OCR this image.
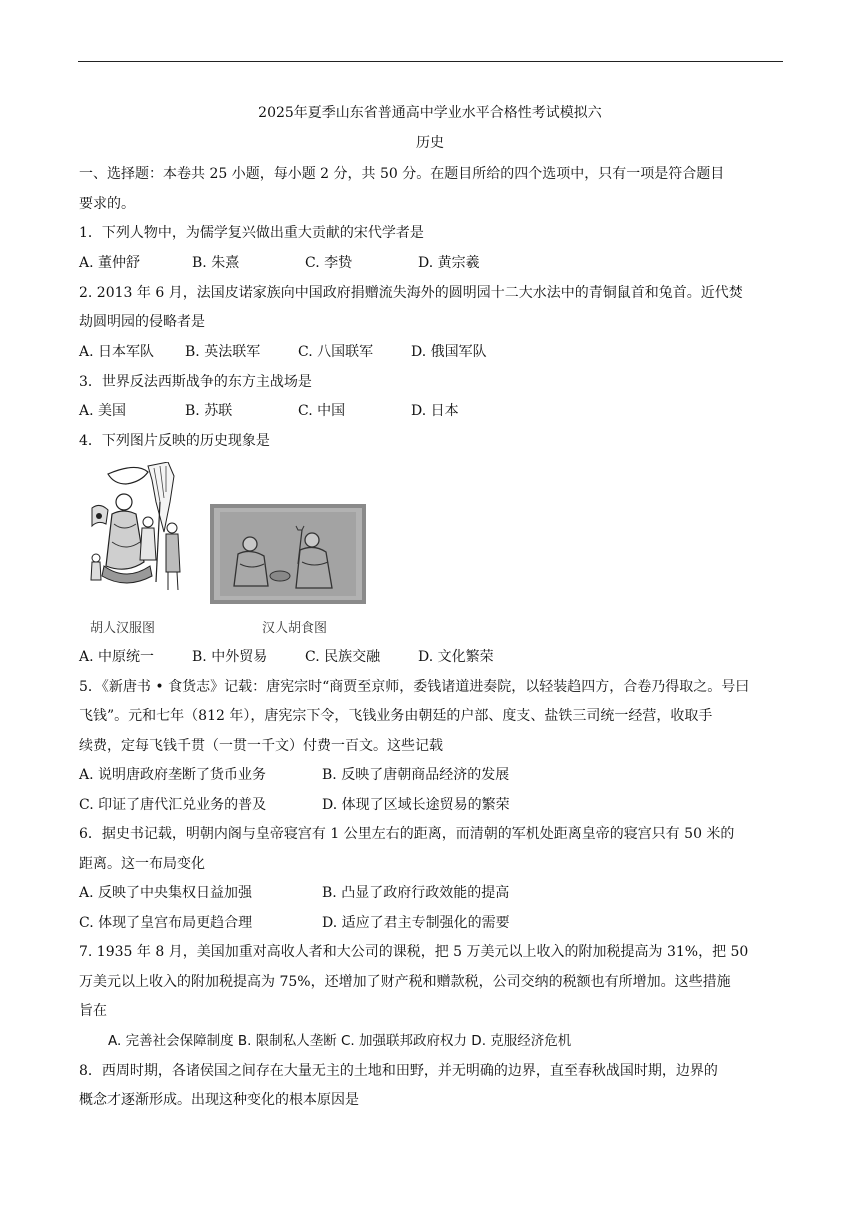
2025年夏季山东省普通高中学业水平合格性考试模拟六
历史
一、选择题：本卷共 25 小题，每小题 2 分，共 50 分。在题目所给的四个选项中，只有一项是符合题目
要求的。
1．下列人物中，为儒学复兴做出重大贡献的宋代学者是
A. 董仲舒	B. 朱熹	C. 李贽	D. 黄宗羲
2. 2013 年 6 月，法国皮诺家族向中国政府捐赠流失海外的圆明园十二大水法中的青铜鼠首和兔首。近代焚
劫圆明园的侵略者是
A. 日本军队 B. 英法联军	C. 八国联军	D. 俄国军队
3．世界反法西斯战争的东方主战场是
A. 美国	B. 苏联	C. 中国	D. 日本
4．下列图片反映的历史现象是
胡人汉服图	汉人胡食图
A. 中原统一	B. 中外贸易	C. 民族交融	D. 文化繁荣
5．《新唐书 • 食货志》记载：唐宪宗时“商贾至京师，委钱诸道进奏院，以轻装趋四方，合卷乃得取之。号曰
飞钱”。元和七年（812 年），唐宪宗下令，飞钱业务由朝廷的户部、度支、盐铁三司统一经营，收取手
续费，定每飞钱千贯（一贯一千文）付费一百文。这些记载
A. 说明唐政府垄断了货币业务	B. 反映了唐朝商品经济的发展
C. 印证了唐代汇兑业务的普及	D. 体现了区域长途贸易的繁荣
6．据史书记载，明朝内阁与皇帝寝宫有 1 公里左右的距离，而清朝的军机处距离皇帝的寝宫只有 50 米的
距离。这一布局变化
A. 反映了中央集权日益加强	B. 凸显了政府行政效能的提高
C. 体现了皇宫布局更趋合理	D. 适应了君主专制强化的需要
7. 1935 年 8 月，美国加重对高收人者和大公司的课税，把 5 万美元以上收入的附加税提高为 31%，把 50
万美元以上收入的附加税提高为 75%，还增加了财产税和赠款税，公司交纳的税额也有所增加。这些措施
旨在
A. 完善社会保障制度 B. 限制私人垄断 C. 加强联邦政府权力 D. 克服经济危机
8．西周时期，各诸侯国之间存在大量无主的土地和田野，并无明确的边界，直至春秋战国时期，边界的
概念才逐渐形成。出现这种变化的根本原因是
